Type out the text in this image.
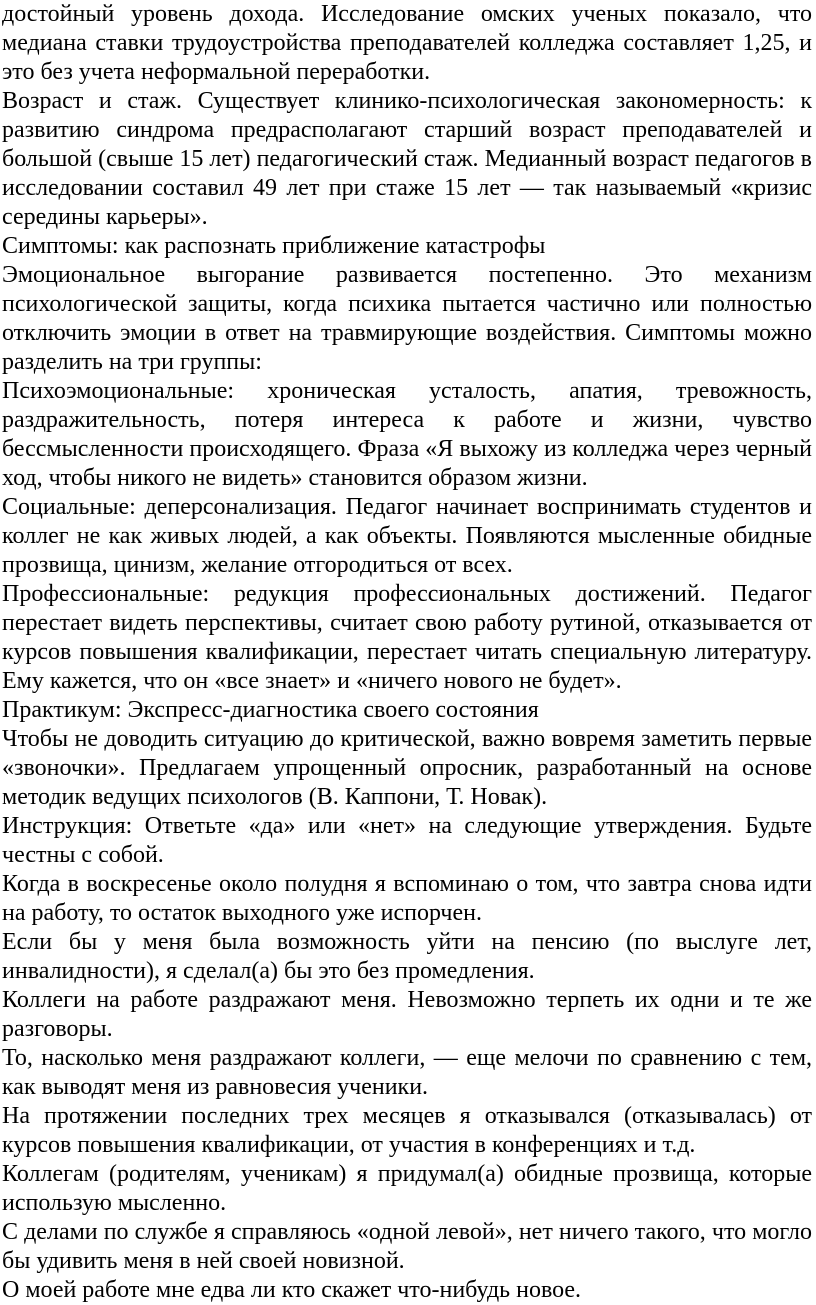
достойный уровень дохода. Исследование омских ученых показало, что медиана ставки трудоустройства преподавателей колледжа составляет 1,25, и это без учета неформальной переработки.

Возраст и стаж. Существует клинико-психологическая закономерность: к развитию синдрома предрасполагают старший возраст преподавателей и большой (свыше 15 лет) педагогический стаж. Медианный возраст педагогов в исследовании составил 49 лет при стаже 15 лет — так называемый «кризис середины карьеры».

Симптомы: как распознать приближение катастрофы

Эмоциональное выгорание развивается постепенно. Это механизм психологической защиты, когда психика пытается частично или полностью отключить эмоции в ответ на травмирующие воздействия. Симптомы можно разделить на три группы:

Психоэмоциональные: хроническая усталость, апатия, тревожность, раздражительность, потеря интереса к работе и жизни, чувство бессмысленности происходящего. Фраза «Я выхожу из колледжа через черный ход, чтобы никого не видеть» становится образом жизни.

Социальные: деперсонализация. Педагог начинает воспринимать студентов и коллег не как живых людей, а как объекты. Появляются мысленные обидные прозвища, цинизм, желание отгородиться от всех.

Профессиональные: редукция профессиональных достижений. Педагог перестает видеть перспективы, считает свою работу рутиной, отказывается от курсов повышения квалификации, перестает читать специальную литературу. Ему кажется, что он «все знает» и «ничего нового не будет».

Практикум: Экспресс-диагностика своего состояния

Чтобы не доводить ситуацию до критической, важно вовремя заметить первые «звоночки». Предлагаем упрощенный опросник, разработанный на основе методик ведущих психологов (В. Каппони, Т. Новак).

Инструкция: Ответьте «да» или «нет» на следующие утверждения. Будьте честны с собой.

Когда в воскресенье около полудня я вспоминаю о том, что завтра снова идти на работу, то остаток выходного уже испорчен.

Если бы у меня была возможность уйти на пенсию (по выслуге лет, инвалидности), я сделал(а) бы это без промедления.

Коллеги на работе раздражают меня. Невозможно терпеть их одни и те же разговоры.

То, насколько меня раздражают коллеги, — еще мелочи по сравнению с тем, как выводят меня из равновесия ученики.

На протяжении последних трех месяцев я отказывался (отказывалась) от курсов повышения квалификации, от участия в конференциях и т.д.

Коллегам (родителям, ученикам) я придумал(а) обидные прозвища, которые использую мысленно.

С делами по службе я справляюсь «одной левой», нет ничего такого, что могло бы удивить меня в ней своей новизной.

О моей работе мне едва ли кто скажет что-нибудь новое.
